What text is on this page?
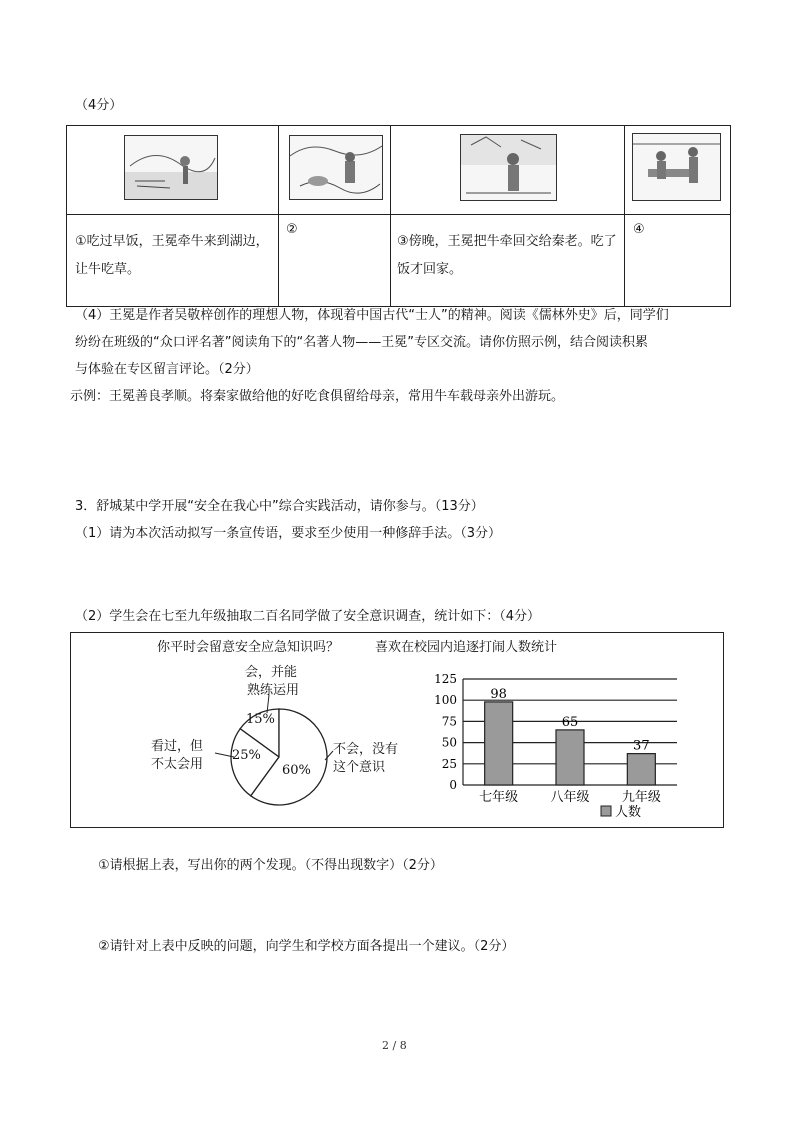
（4分）
①吃过早饭，王冕牵牛来到湖边，让牛吃草。
②
③傍晚，王冕把牛牵回交给秦老。吃了饭才回家。
④
（4）王冕是作者吴敬梓创作的理想人物，体现着中国古代“士人”的精神。阅读《儒林外史》后，同学们
纷纷在班级的“众口评名著”阅读角下的“名著人物——王冕”专区交流。请你仿照示例，结合阅读积累
与体验在专区留言评论。（2分）
示例：王冕善良孝顺。将秦家做给他的好吃食俱留给母亲，常用牛车载母亲外出游玩。
3．舒城某中学开展“安全在我心中”综合实践活动，请你参与。（13分）
（1）请为本次活动拟写一条宣传语，要求至少使用一种修辞手法。（3分）
（2）学生会在七至九年级抽取二百名同学做了安全意识调查，统计如下：（4分）
你平时会留意安全应急知识吗？
会，并能
熟练运用
看过，但
不太会用
不会，没有
这个意识
15%
25%
60%
喜欢在校园内追逐打闹人数统计
0
25
50
75
100
125
98
七年级
65
八年级
37
九年级
人数
①请根据上表，写出你的两个发现。（不得出现数字）（2分）
②请针对上表中反映的问题，向学生和学校方面各提出一个建议。（2分）
2 / 8
